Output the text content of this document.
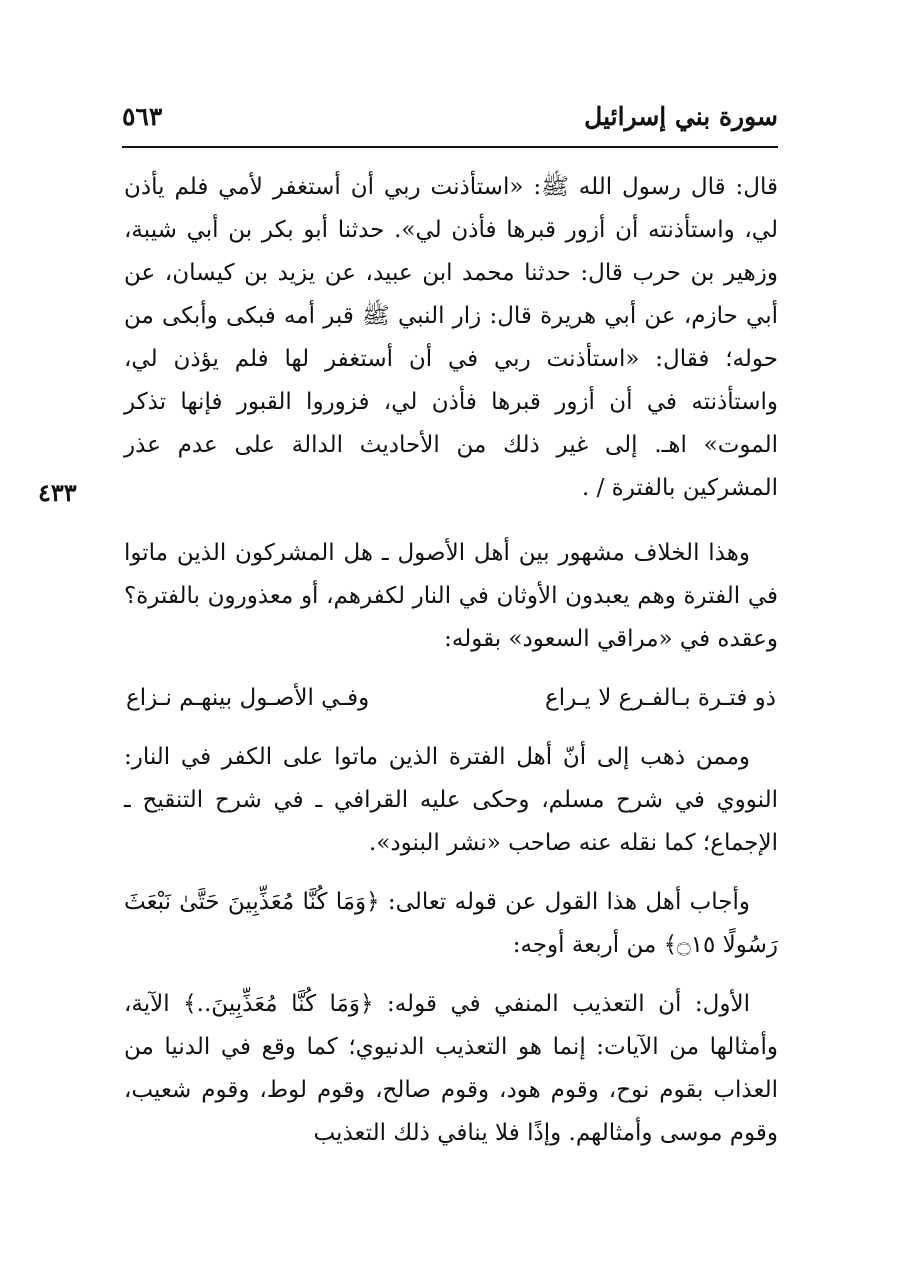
سورة بني إسرائيل
٥٦٣
٤٣٣

قال: قال رسول الله ﷺ: «استأذنت ربي أن أستغفر لأمي فلم يأذن لي، واستأذنته أن أزور قبرها فأذن لي». حدثنا أبو بكر بن أبي شيبة، وزهير بن حرب قال: حدثنا محمد ابن عبيد، عن يزيد بن كيسان، عن أبي حازم، عن أبي هريرة قال: زار النبي ﷺ قبر أمه فبكى وأبكى من حوله؛ فقال: «استأذنت ربي في أن أستغفر لها فلم يؤذن لي، واستأذنته في أن أزور قبرها فأذن لي، فزوروا القبور فإنها تذكر الموت» اهـ. إلى غير ذلك من الأحاديث الدالة على عدم عذر المشركين بالفترة / .

وهذا الخلاف مشهور بين أهل الأصول ـ هل المشركون الذين ماتوا في الفترة وهم يعبدون الأوثان في النار لكفرهم، أو معذورون بالفترة؟ وعقده في «مراقي السعود» بقوله:

ذو فتـرة بـالفـرع لا يـراع
وفـي الأصـول بينهـم نـزاع

وممن ذهب إلى أنّ أهل الفترة الذين ماتوا على الكفر في النار: النووي في شرح مسلم، وحكى عليه القرافي ـ في شرح التنقيح ـ الإجماع؛ كما نقله عنه صاحب «نشر البنود».

وأجاب أهل هذا القول عن قوله تعالى: ﴿وَمَا كُنَّا مُعَذِّبِينَ حَتَّىٰ نَبْعَثَ رَسُولًا ۝١٥﴾ من أربعة أوجه:

الأول: أن التعذيب المنفي في قوله: ﴿وَمَا كُنَّا مُعَذِّبِينَ..﴾ الآية، وأمثالها من الآيات: إنما هو التعذيب الدنيوي؛ كما وقع في الدنيا من العذاب بقوم نوح، وقوم هود، وقوم صالح، وقوم لوط، وقوم شعيب، وقوم موسى وأمثالهم. وإذًا فلا ينافي ذلك التعذيب
